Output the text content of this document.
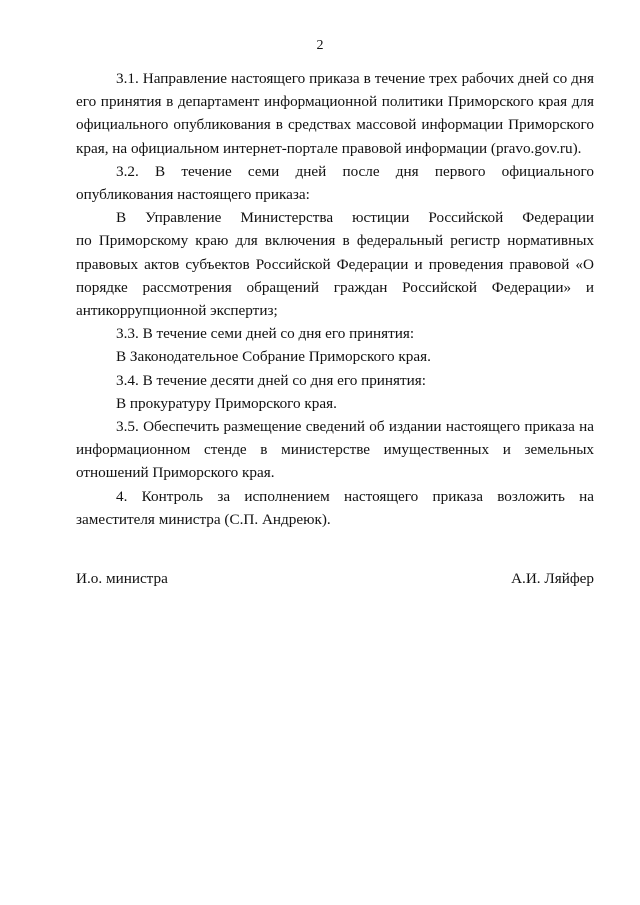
2

3.1. Направление настоящего приказа в течение трех рабочих дней со дня его принятия в департамент информационной политики Приморского края для официального опубликования в средствах массовой информации Приморского края, на официальном интернет-портале правовой информации (pravo.gov.ru).

3.2. В течение семи дней после дня первого официального опубликования настоящего приказа:

В Управление Министерства юстиции Российской Федерации

по Приморскому краю для включения в федеральный регистр нормативных правовых актов субъектов Российской Федерации и проведения правовой «О порядке рассмотрения обращений граждан Российской Федерации» и антикоррупционной экспертиз;

3.3. В течение семи дней со дня его принятия:

В Законодательное Собрание Приморского края.

3.4. В течение десяти дней со дня его принятия:

В прокуратуру Приморского края.

3.5. Обеспечить размещение сведений об издании настоящего приказа на информационном стенде в министерстве имущественных и земельных отношений Приморского края.

4. Контроль за исполнением настоящего приказа возложить на заместителя министра (С.П. Андреюк).

И.о. министра	А.И. Ляйфер
